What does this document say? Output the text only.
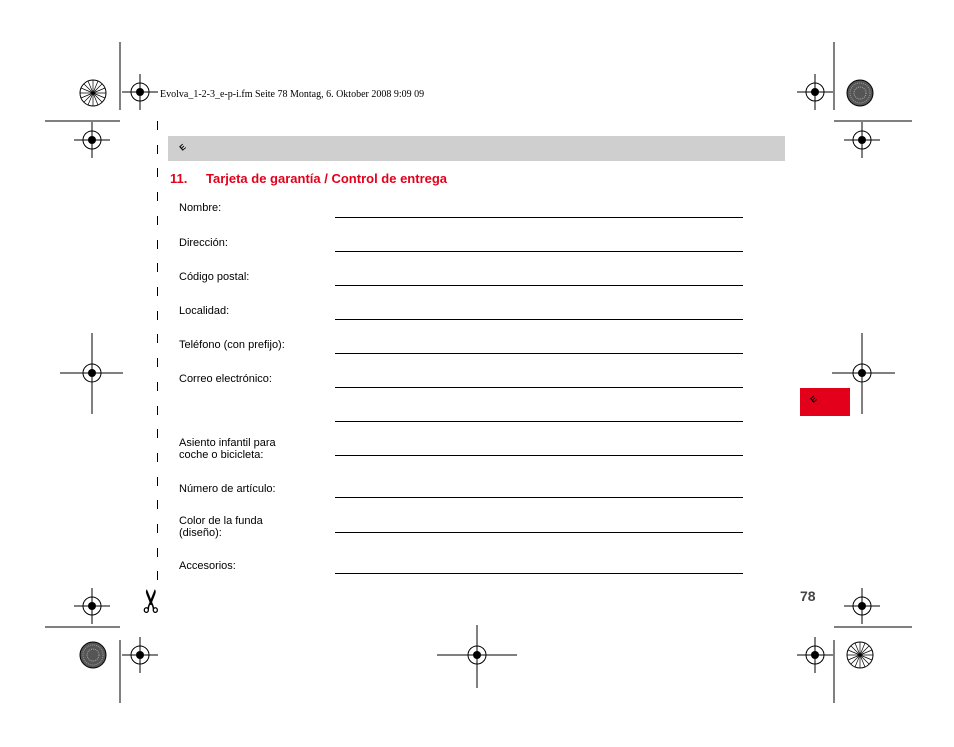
Evolva_1-2-3_e-p-i.fm Seite 78 Montag, 6. Oktober 2008 9:09 09
E
E
11. Tarjeta de garantía / Control de entrega
Nombre:
Dirección:
Código postal:
Localidad:
Teléfono (con prefijo):
Correo electrónico:
Asiento infantil para coche o bicicleta:
Número de artículo:
Color de la funda (diseño):
Accesorios:
✂	78
